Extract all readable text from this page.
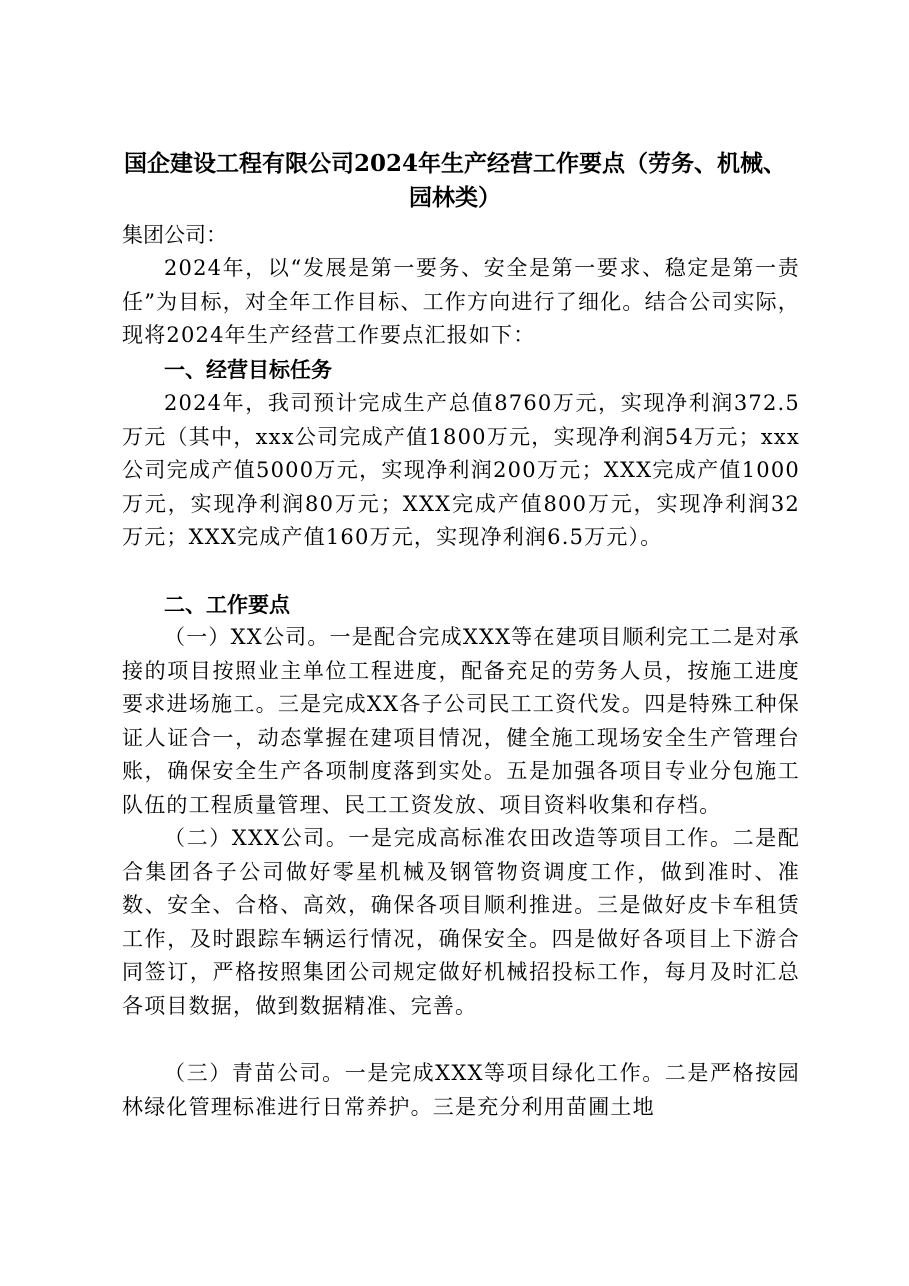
国企建设工程有限公司2024年生产经营工作要点（劳务、机械、
园林类）
集团公司：
2024年，以“发展是第一要务、安全是第一要求、稳定是第一责任”为目标，对全年工作目标、工作方向进行了细化。结合公司实际，现将2024年生产经营工作要点汇报如下：
一、经营目标任务
2024年，我司预计完成生产总值8760万元，实现净利润372.5万元（其中，xxx公司完成产值1800万元，实现净利润54万元；xxx公司完成产值5000万元，实现净利润200万元；XXX完成产值1000万元，实现净利润80万元；XXX完成产值800万元，实现净利润32万元；XXX完成产值160万元，实现净利润6.5万元）。
二、工作要点
（一）XX公司。一是配合完成XXX等在建项目顺利完工二是对承接的项目按照业主单位工程进度，配备充足的劳务人员，按施工进度要求进场施工。三是完成XX各子公司民工工资代发。四是特殊工种保证人证合一，动态掌握在建项目情况，健全施工现场安全生产管理台账，确保安全生产各项制度落到实处。五是加强各项目专业分包施工队伍的工程质量管理、民工工资发放、项目资料收集和存档。
（二）XXX公司。一是完成高标准农田改造等项目工作。二是配合集团各子公司做好零星机械及钢管物资调度工作，做到准时、准数、安全、合格、高效，确保各项目顺利推进。三是做好皮卡车租赁工作，及时跟踪车辆运行情况，确保安全。四是做好各项目上下游合同签订，严格按照集团公司规定做好机械招投标工作，每月及时汇总各项目数据，做到数据精准、完善。
（三）青苗公司。一是完成XXX等项目绿化工作。二是严格按园林绿化管理标准进行日常养护。三是充分利用苗圃土地
